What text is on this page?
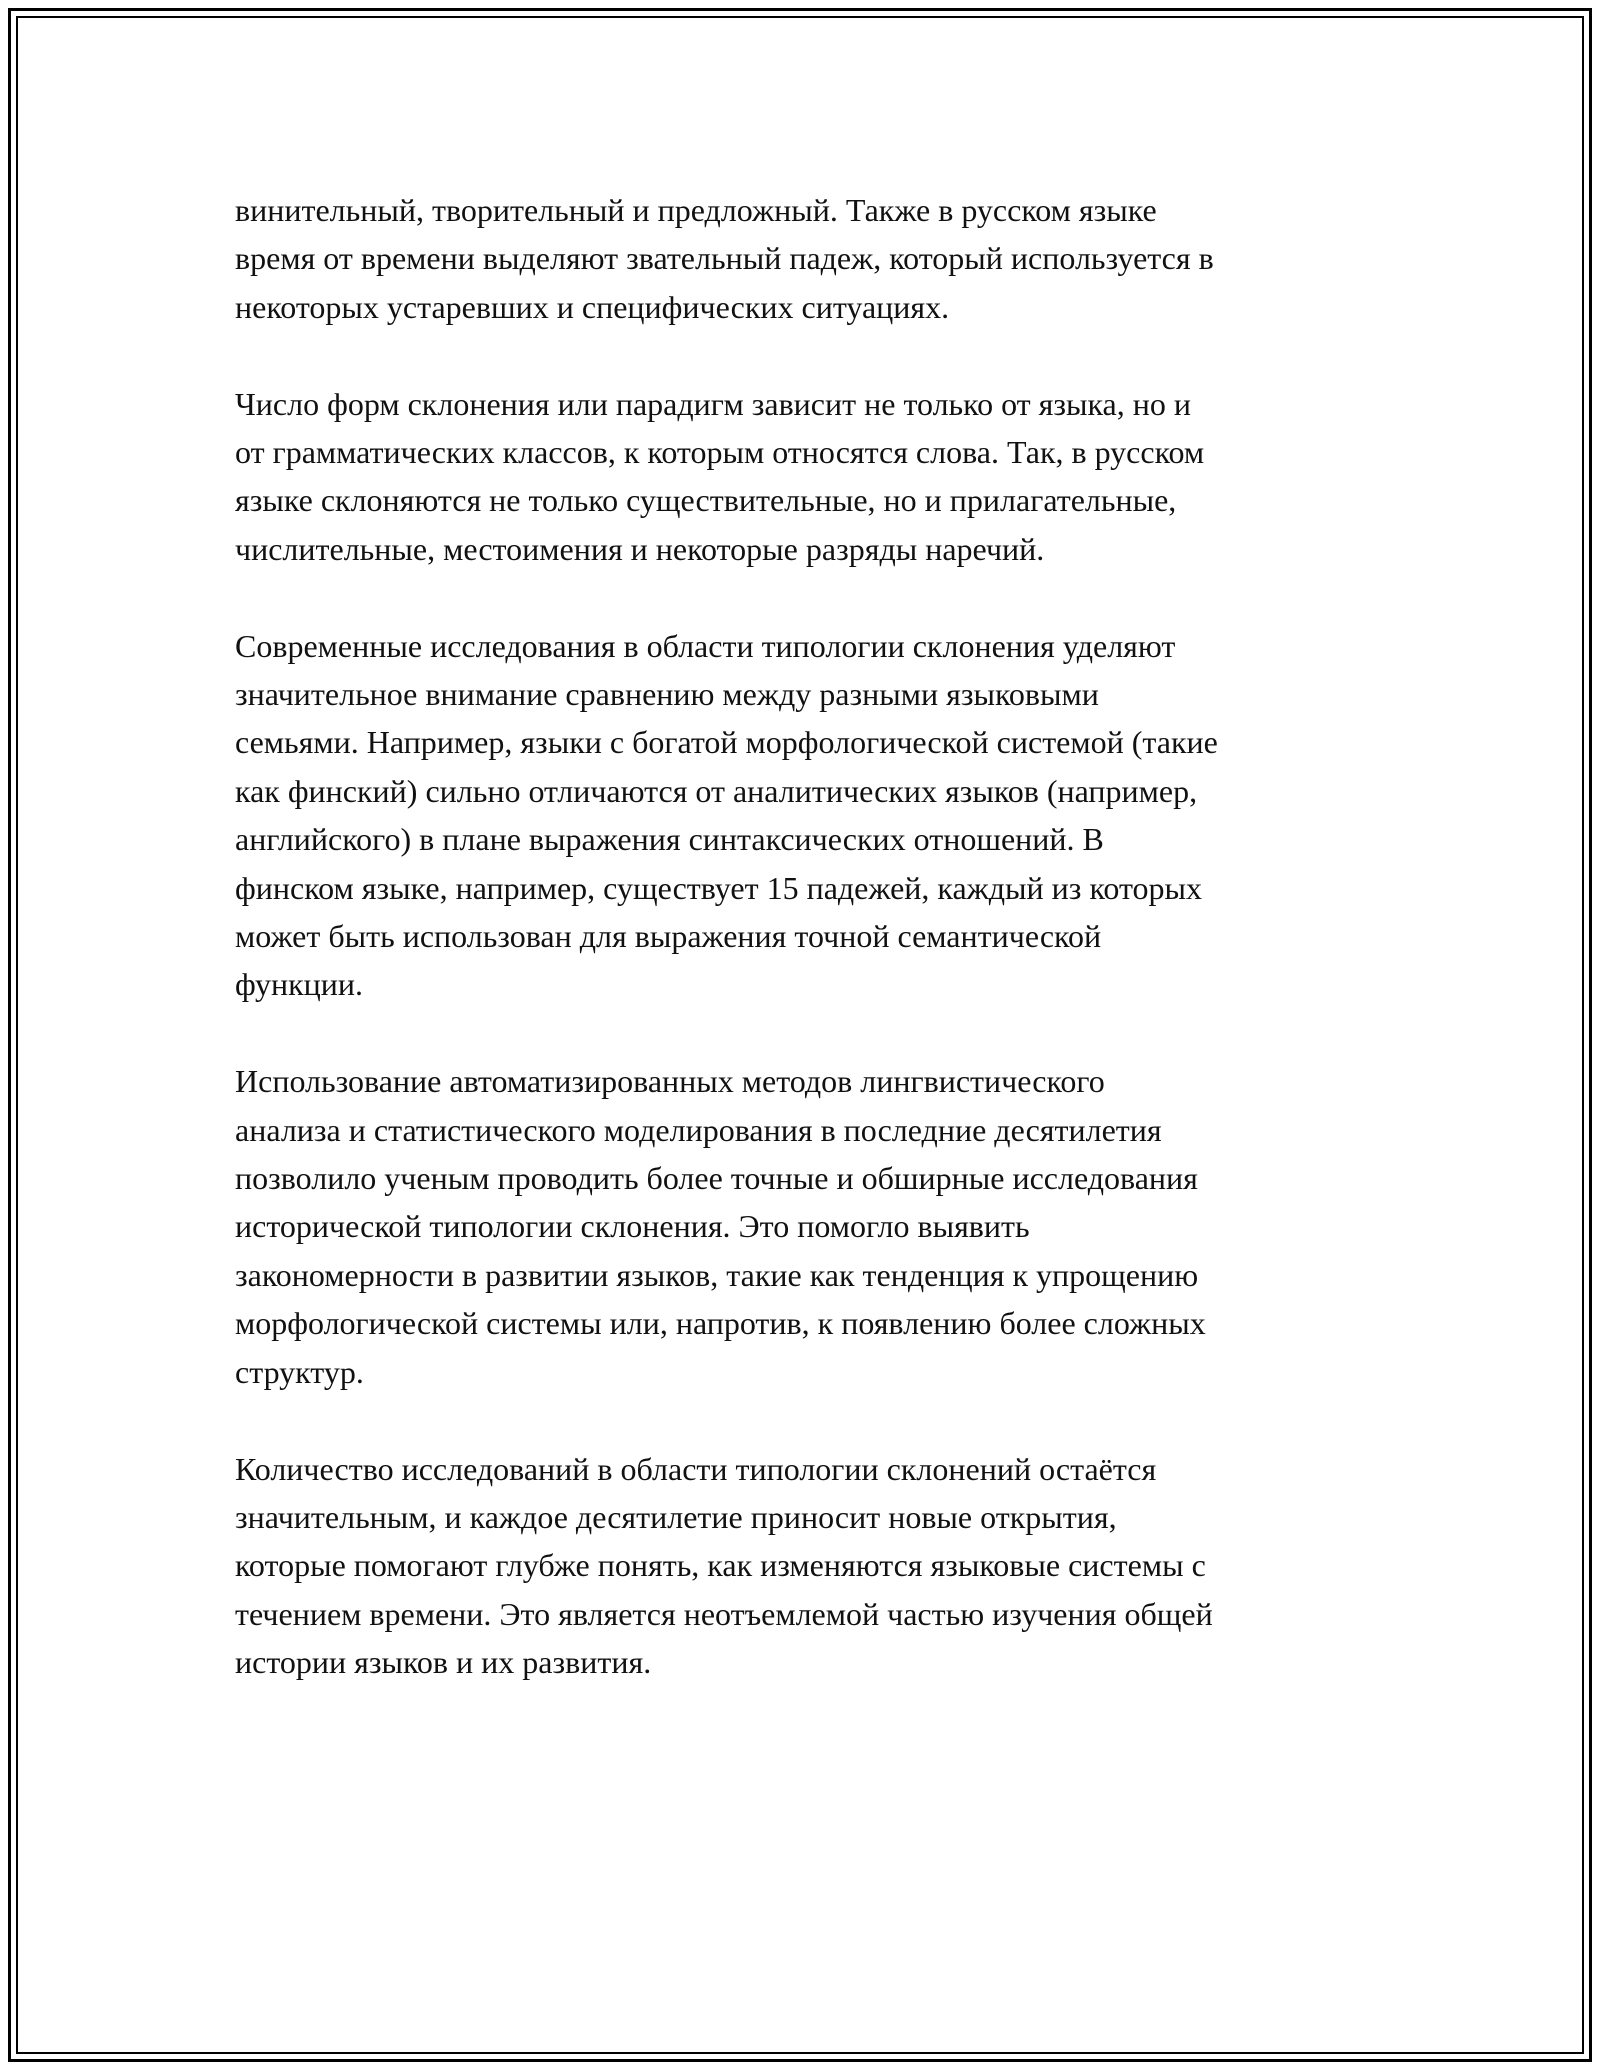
винительный, творительный и предложный. Также в русском языке
время от времени выделяют звательный падеж, который используется в
некоторых устаревших и специфических ситуациях.

Число форм склонения или парадигм зависит не только от языка, но и
от грамматических классов, к которым относятся слова. Так, в русском
языке склоняются не только существительные, но и прилагательные,
числительные, местоимения и некоторые разряды наречий.

Современные исследования в области типологии склонения уделяют
значительное внимание сравнению между разными языковыми
семьями. Например, языки с богатой морфологической системой (такие
как финский) сильно отличаются от аналитических языков (например,
английского) в плане выражения синтаксических отношений. В
финском языке, например, существует 15 падежей, каждый из которых
может быть использован для выражения точной семантической
функции.

Использование автоматизированных методов лингвистического
анализа и статистического моделирования в последние десятилетия
позволило ученым проводить более точные и обширные исследования
исторической типологии склонения. Это помогло выявить
закономерности в развитии языков, такие как тенденция к упрощению
морфологической системы или, напротив, к появлению более сложных
структур.

Количество исследований в области типологии склонений остаётся
значительным, и каждое десятилетие приносит новые открытия,
которые помогают глубже понять, как изменяются языковые системы с
течением времени. Это является неотъемлемой частью изучения общей
истории языков и их развития.
